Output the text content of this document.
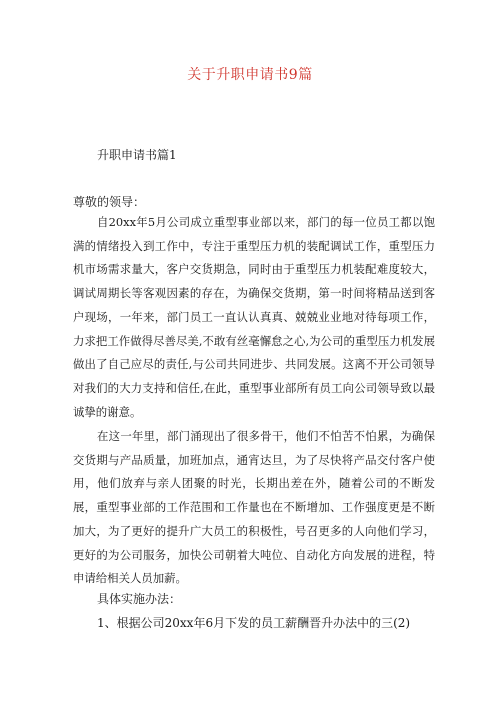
关于升职申请书9篇
升职申请书篇1
尊敬的领导：

自20xx年5月公司成立重型事业部以来，部门的每一位员工都以饱满的情绪投入到工作中，专注于重型压力机的装配调试工作，重型压力机市场需求量大，客户交货期急，同时由于重型压力机装配难度较大，调试周期长等客观因素的存在，为确保交货期，第一时间将精品送到客户现场，一年来，部门员工一直认认真真、兢兢业业地对待每项工作，力求把工作做得尽善尽美,不敢有丝毫懈怠之心,为公司的重型压力机发展做出了自己应尽的责任,与公司共同进步、共同发展。这离不开公司领导对我们的大力支持和信任,在此，重型事业部所有员工向公司领导致以最诚挚的谢意。

在这一年里，部门涌现出了很多骨干，他们不怕苦不怕累，为确保交货期与产品质量，加班加点，通宵达旦，为了尽快将产品交付客户使用，他们放弃与亲人团聚的时光，长期出差在外，随着公司的不断发展，重型事业部的工作范围和工作量也在不断增加、工作强度更是不断加大，为了更好的提升广大员工的积极性，号召更多的人向他们学习，更好的为公司服务，加快公司朝着大吨位、自动化方向发展的进程，特申请给相关人员加薪。

具体实施办法：
1、根据公司20xx年6月下发的员工薪酬晋升办法中的三(2)
